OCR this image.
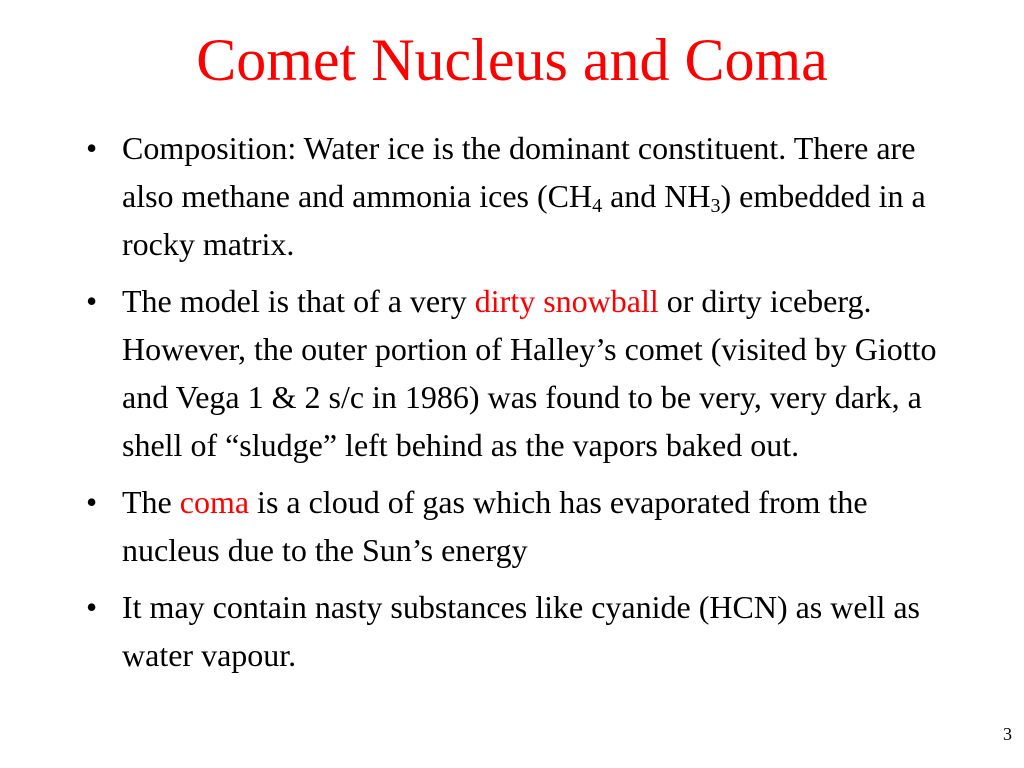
Comet Nucleus and Coma
• Composition: Water ice is the dominant constituent. There are also methane and ammonia ices ($CH_4$ and $NH_3$) embedded in a rocky matrix.
• The model is that of a very dirty snowball or dirty iceberg. However, the outer portion of Halley’s comet (visited by Giotto and Vega 1 & 2 s/c in 1986) was found to be very, very dark, a shell of “sludge” left behind as the vapors baked out.
• The coma is a cloud of gas which has evaporated from the nucleus due to the Sun’s energy
• It may contain nasty substances like cyanide (HCN) as well as water vapour.
3
